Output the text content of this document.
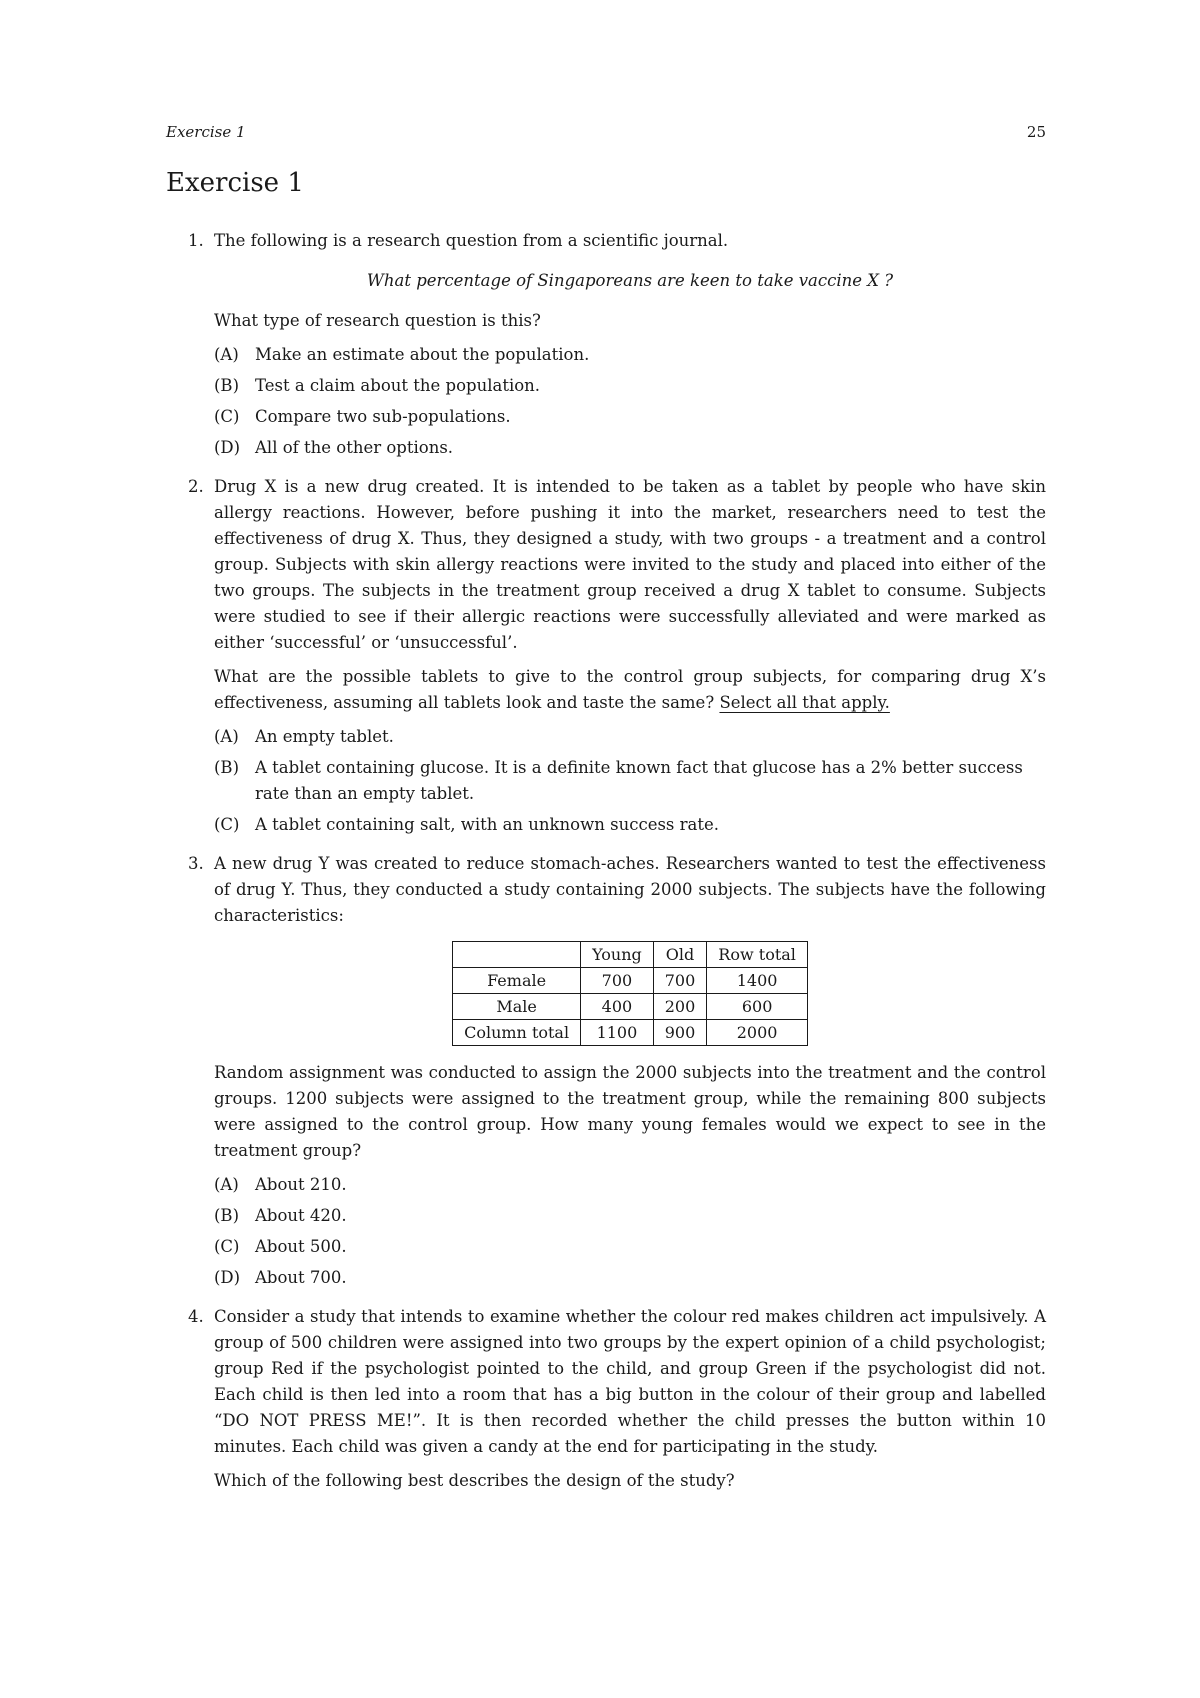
Exercise 1	25
Exercise 1
1. The following is a research question from a scientific journal.

What percentage of Singaporeans are keen to take vaccine X ?

What type of research question is this?

(A) Make an estimate about the population.
(B) Test a claim about the population.
(C) Compare two sub-populations.
(D) All of the other options.
2. Drug X is a new drug created. It is intended to be taken as a tablet by people who have skin allergy reactions. However, before pushing it into the market, researchers need to test the effectiveness of drug X. Thus, they designed a study, with two groups - a treatment and a control group. Subjects with skin allergy reactions were invited to the study and placed into either of the two groups. The subjects in the treatment group received a drug X tablet to consume. Subjects were studied to see if their allergic reactions were successfully alleviated and were marked as either ‘successful’ or ‘unsuccessful’.

What are the possible tablets to give to the control group subjects, for comparing drug X’s effectiveness, assuming all tablets look and taste the same? Select all that apply.

(A) An empty tablet.
(B) A tablet containing glucose. It is a definite known fact that glucose has a 2% better success rate than an empty tablet.
(C) A tablet containing salt, with an unknown success rate.
3. A new drug Y was created to reduce stomach-aches. Researchers wanted to test the effectiveness of drug Y. Thus, they conducted a study containing 2000 subjects. The subjects have the following characteristics:

	Young	Old	Row total
Female	700	700	1400
Male	400	200	600
Column total	1100	900	2000

Random assignment was conducted to assign the 2000 subjects into the treatment and the control groups. 1200 subjects were assigned to the treatment group, while the remaining 800 subjects were assigned to the control group. How many young females would we expect to see in the treatment group?

(A) About 210.
(B) About 420.
(C) About 500.
(D) About 700.
4. Consider a study that intends to examine whether the colour red makes children act impulsively. A group of 500 children were assigned into two groups by the expert opinion of a child psychologist; group Red if the psychologist pointed to the child, and group Green if the psychologist did not. Each child is then led into a room that has a big button in the colour of their group and labelled “DO NOT PRESS ME!”. It is then recorded whether the child presses the button within 10 minutes. Each child was given a candy at the end for participating in the study.

Which of the following best describes the design of the study?
